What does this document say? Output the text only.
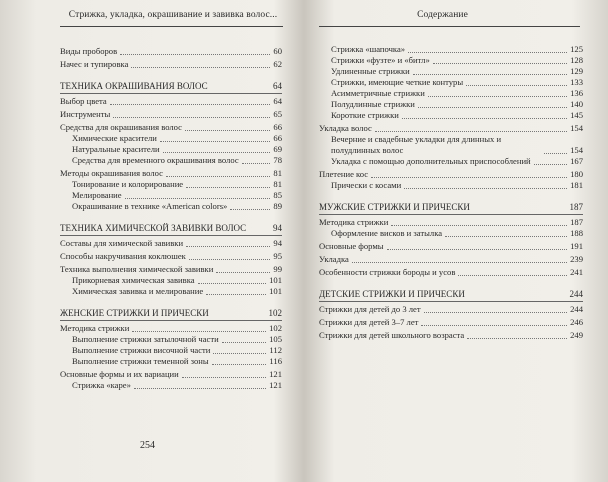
Стрижка, укладка, окрашивание и завивка волос...
Виды проборов	60
Начес и тупировка	62
ТЕХНИКА ОКРАШИВАНИЯ ВОЛОС	64
Выбор цвета	64
Инструменты	65
Средства для окрашивания волос	66
Химические красители	66
Натуральные красители	69
Средства для временного окрашивания волос	78
Методы окрашивания волос	81
Тонирование и колорирование	81
Мелирование	85
Окрашивание в технике «American colors»	89
ТЕХНИКА ХИМИЧЕСКОЙ ЗАВИВКИ ВОЛОС	94
Составы для химической завивки	94
Способы накручивания коклюшек	95
Техника выполнения химической завивки	99
Прикорневая химическая завивка	101
Химическая завивка и мелирование	101
ЖЕНСКИЕ СТРИЖКИ И ПРИЧЕСКИ	102
Методика стрижки	102
Выполнение стрижки затылочной части	105
Выполнение стрижки височной части	112
Выполнение стрижки теменной зоны	116
Основные формы и их вариации	121
Стрижка «каре»	121
254
Содержание
Стрижка «шапочка»	125
Стрижки «фузте» и «битл»	128
Удлиненные стрижки	129
Стрижки, имеющие четкие контуры	133
Асимметричные стрижки	136
Полудлинные стрижки	140
Короткие стрижки	145
Укладка волос	154
Вечерние и свадебные укладки для длинных и полудлинных волос	154
Укладка с помощью дополнительных приспособлений	167
Плетение кос	180
Прически с косами	181
МУЖСКИЕ СТРИЖКИ И ПРИЧЕСКИ	187
Методика стрижки	187
Оформление висков и затылка	188
Основные формы	191
Укладка	239
Особенности стрижки бороды и усов	241
ДЕТСКИЕ СТРИЖКИ И ПРИЧЕСКИ	244
Стрижки для детей до 3 лет	244
Стрижки для детей 3–7 лет	246
Стрижки для детей школьного возраста	249
